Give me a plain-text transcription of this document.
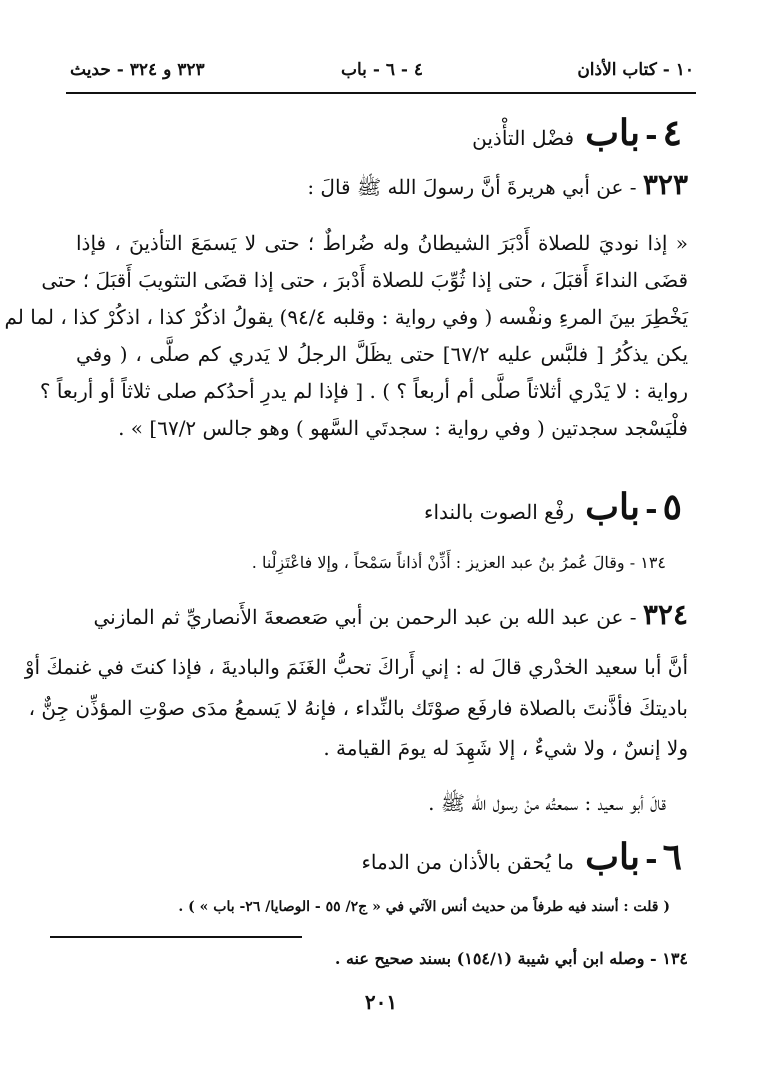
١٠ - كتاب الأذان
٤ - ٦ - باب
٣٢٣ و ٣٢٤ - حديث
٤ - باب فضْل التأْذين
٣٢٣ - عن أبي هريرةَ أنَّ رسولَ الله ﷺ قالَ :
« إذا نوديَ للصلاة أَدْبَرَ الشيطانُ وله ضُراطٌ ؛ حتى لا يَسمَعَ التأذينَ ، فإذا
قضَى النداءَ أَقبَلَ ، حتى إذا ثُوِّبَ للصلاة أَدْبرَ ، حتى إذا قضَى التثويبَ أَقبَلَ ؛ حتى
يَخْطِرَ بينَ المرءِ ونفْسه ( وفي رواية : وقلبه ٩٤/٤) يقولُ اذكُرْ كذا ، اذكُرْ كذا ، لما لم
يكن يذكُرُ [ فلبَّس عليه ٦٧/٢] حتى يظَلَّ الرجلُ لا يَدري كم صلَّى ، ( وفي
رواية : لا يَدْري أثلاثاً صلَّى أم أربعاً ؟ ) . [ فإذا لم يدرِ أحدُكم صلى ثلاثاً أو أربعاً ؟
فلْيَسْجد سجدتين ( وفي رواية : سجدتَي السَّهو ) وهو جالس ٦٧/٢] » .
٥ - باب رفْع الصوت بالنداء
١٣٤ - وقالَ عُمرُ بنُ عبد العزيز : أَذِّنْ أذاناً سَمْحاً ، وإلا فاعْتَزِلْنا .
٣٢٤ - عن عبد الله بن عبد الرحمن بن أبي صَعصعةَ الأَنصاريِّ ثم المازني
أنَّ أبا سعيد الخدْري قالَ له : إني أَراكَ تحبُّ الغَنَمَ والباديةَ ، فإذا كنتَ في غنمكَ أوْ
باديتكَ فأذَّنتَ بالصلاة فارفَع صوْتَك بالنِّداء ، فإنهُ لا يَسمعُ مدَى صوْتِ المؤذِّن جِنٌّ ،
ولا إنسٌ ، ولا شيءٌ ، إلا شَهِدَ له يومَ القيامة .
قالَ أبو سعيد : سمعتُه منْ رسول الله ﷺ .
٦ - باب ما يُحقن بالأذان من الدماء
( قلت : أسند فيه طرفاً من حديث أنس الآتي في « ج٢/ ٥٥ - الوصايا/ ٢٦- باب » ) .
١٣٤ - وصله ابن أبي شيبة (١٥٤/١) بسند صحيح عنه .
٢٠١
